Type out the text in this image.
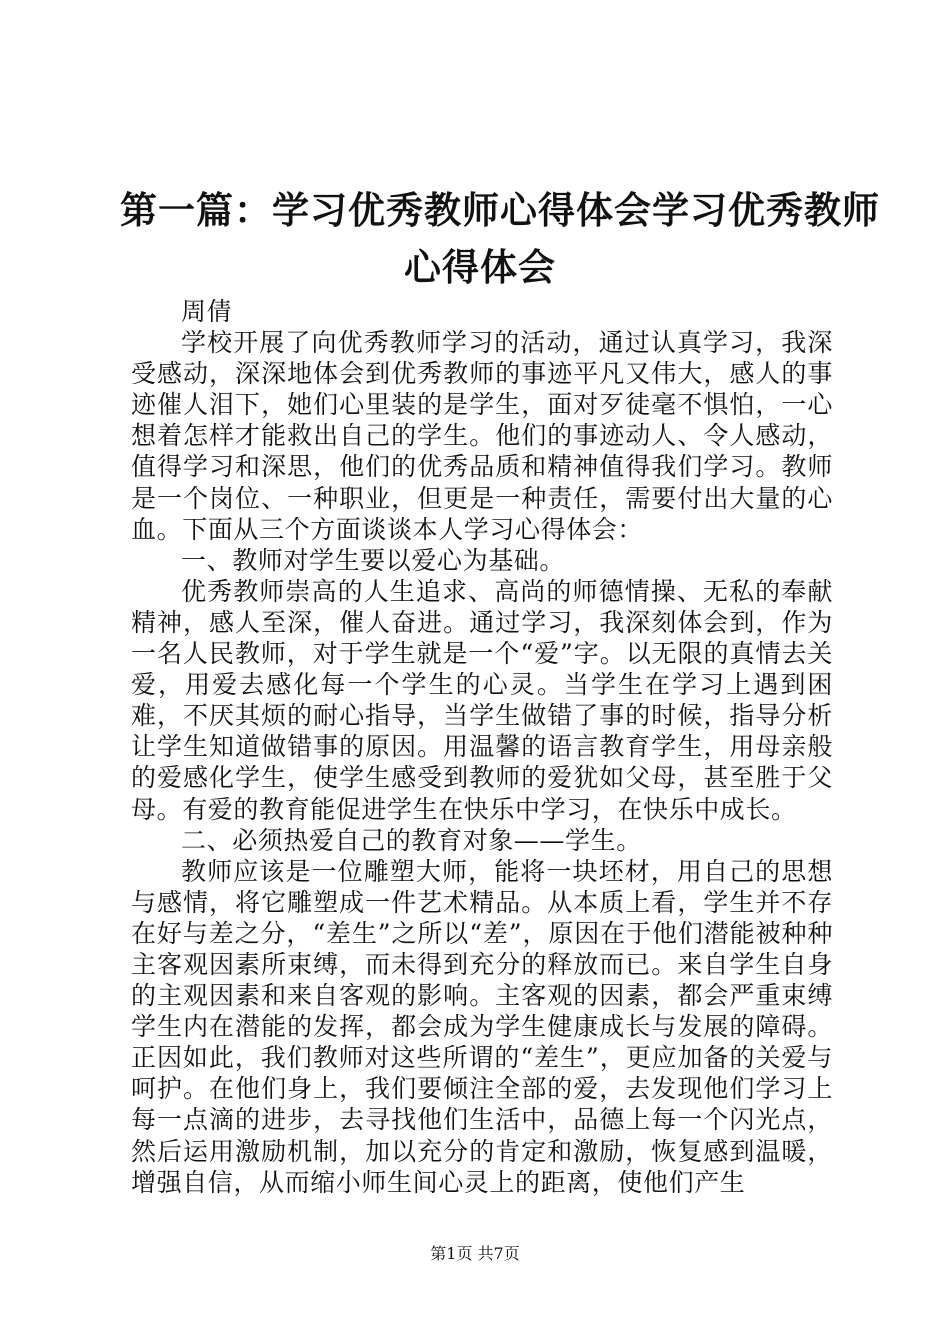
第一篇：学习优秀教师心得体会学习优秀教师
心得体会

周倩

学校开展了向优秀教师学习的活动，通过认真学习，我深受感动，深深地体会到优秀教师的事迹平凡又伟大，感人的事迹催人泪下，她们心里装的是学生，面对歹徒毫不惧怕，一心想着怎样才能救出自己的学生。他们的事迹动人、令人感动，值得学习和深思，他们的优秀品质和精神值得我们学习。教师是一个岗位、一种职业，但更是一种责任，需要付出大量的心血。下面从三个方面谈谈本人学习心得体会：

一、教师对学生要以爱心为基础。

优秀教师崇高的人生追求、高尚的师德情操、无私的奉献精神，感人至深，催人奋进。通过学习，我深刻体会到，作为一名人民教师，对于学生就是一个“爱”字。以无限的真情去关爱，用爱去感化每一个学生的心灵。当学生在学习上遇到困难，不厌其烦的耐心指导，当学生做错了事的时候，指导分析让学生知道做错事的原因。用温馨的语言教育学生，用母亲般的爱感化学生，使学生感受到教师的爱犹如父母，甚至胜于父母。有爱的教育能促进学生在快乐中学习，在快乐中成长。

二、必须热爱自己的教育对象——学生。

教师应该是一位雕塑大师，能将一块坯材，用自己的思想与感情，将它雕塑成一件艺术精品。从本质上看，学生并不存在好与差之分，“差生”之所以“差”，原因在于他们潜能被种种主客观因素所束缚，而未得到充分的释放而已。来自学生自身的主观因素和来自客观的影响。主客观的因素，都会严重束缚学生内在潜能的发挥，都会成为学生健康成长与发展的障碍。正因如此，我们教师对这些所谓的“差生”，更应加备的关爱与呵护。在他们身上，我们要倾注全部的爱，去发现他们学习上每一点滴的进步，去寻找他们生活中，品德上每一个闪光点，然后运用激励机制，加以充分的肯定和激励，恢复感到温暖，增强自信，从而缩小师生间心灵上的距离，使他们产生

第1页 共7页
